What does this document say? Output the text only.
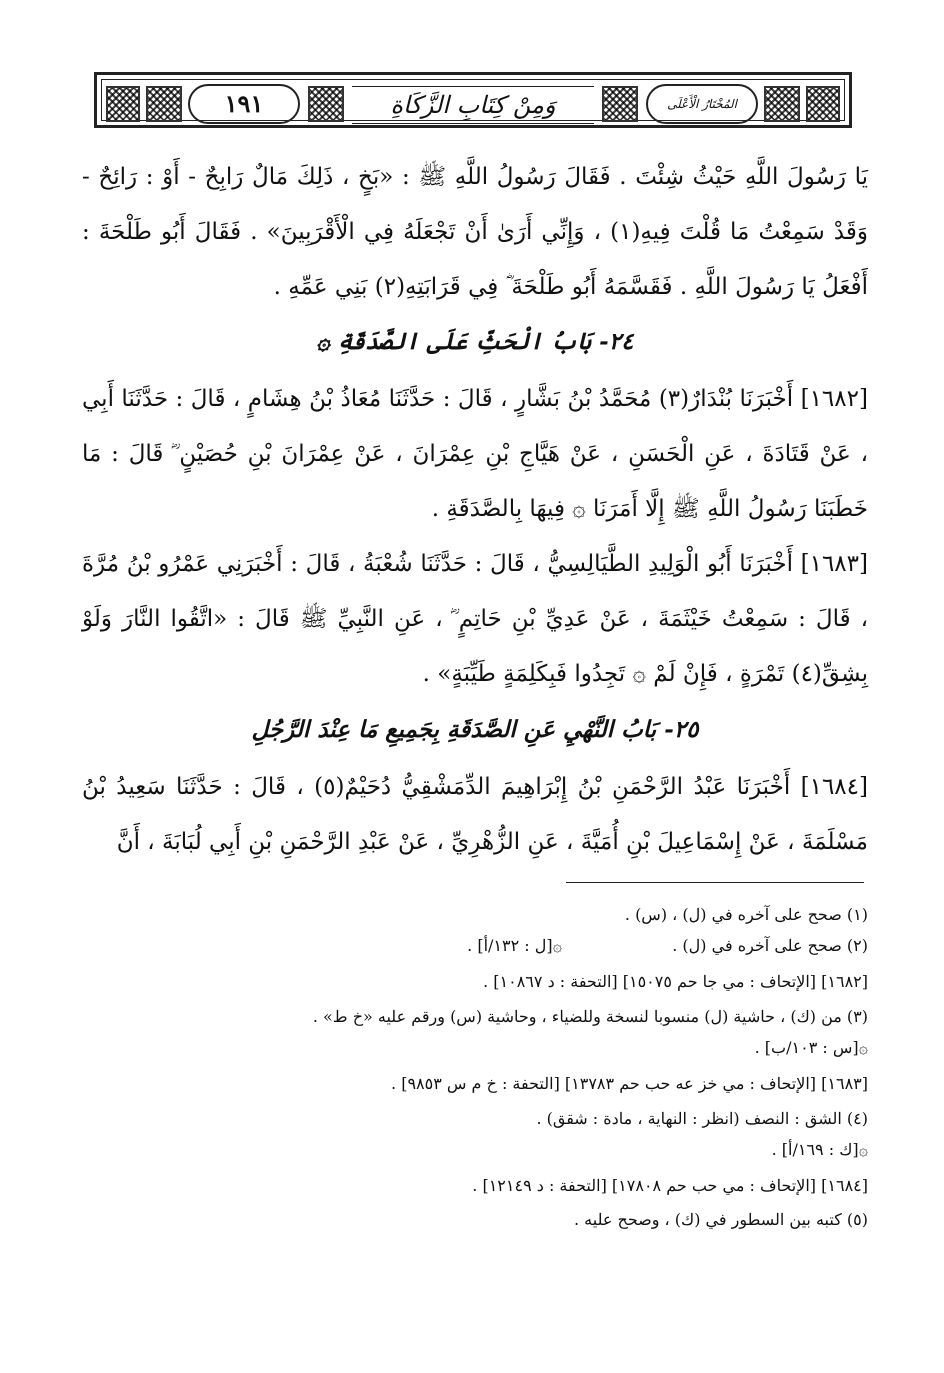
١٩١	وَمِنْ كِتَابِ الزَّكَاةِ	المُخْتَارُ الْأَعْلَى

يَا رَسُولَ اللَّهِ حَيْثُ شِئْتَ . فَقَالَ رَسُولُ اللَّهِ ﷺ : «بَخٍ ، ذَلِكَ مَالٌ رَابِحٌ - أَوْ : رَائِحٌ - وَقَدْ سَمِعْتُ مَا قُلْتَ فِيهِ(١) ، وَإِنِّي أَرَىٰ أَنْ تَجْعَلَهُ فِي الْأَقْرَبِينَ» . فَقَالَ أَبُو طَلْحَةَ : أَفْعَلُ يَا رَسُولَ اللَّهِ . فَقَسَّمَهُ أَبُو طَلْحَةَ ؓ فِي قَرَابَتِهِ(٢) بَنِي عَمِّهِ .

٢٤- بَابُ الْحَثِّ عَلَى الصَّدَقَةِ ۞

[١٦٨٢] أَخْبَرَنَا بُنْدَارٌ(٣) مُحَمَّدُ بْنُ بَشَّارٍ ، قَالَ : حَدَّثَنَا مُعَاذُ بْنُ هِشَامٍ ، قَالَ : حَدَّثَنَا أَبِي ، عَنْ قَتَادَةَ ، عَنِ الْحَسَنِ ، عَنْ هَيَّاجِ بْنِ عِمْرَانَ ، عَنْ عِمْرَانَ بْنِ حُصَيْنٍ ؓ قَالَ : مَا خَطَبَنَا رَسُولُ اللَّهِ ﷺ إِلَّا أَمَرَنَا ۞ فِيهَا بِالصَّدَقَةِ .

[١٦٨٣] أَخْبَرَنَا أَبُو الْوَلِيدِ الطَّيَالِسِيُّ ، قَالَ : حَدَّثَنَا شُعْبَةُ ، قَالَ : أَخْبَرَنِي عَمْرُو بْنُ مُرَّةَ ، قَالَ : سَمِعْتُ خَيْثَمَةَ ، عَنْ عَدِيِّ بْنِ حَاتِمٍ ؓ ، عَنِ النَّبِيِّ ﷺ قَالَ : «اتَّقُوا النَّارَ وَلَوْ بِشِقِّ(٤) تَمْرَةٍ ، فَإِنْ لَمْ ۞ تَجِدُوا فَبِكَلِمَةٍ طَيِّبَةٍ» .

٢٥- بَابُ النَّهْيِ عَنِ الصَّدَقَةِ بِجَمِيعِ مَا عِنْدَ الرَّجُلِ

[١٦٨٤] أَخْبَرَنَا عَبْدُ الرَّحْمَنِ بْنُ إِبْرَاهِيمَ الدِّمَشْقِيُّ دُحَيْمٌ(٥) ، قَالَ : حَدَّثَنَا سَعِيدُ بْنُ مَسْلَمَةَ ، عَنْ إِسْمَاعِيلَ بْنِ أُمَيَّةَ ، عَنِ الزُّهْرِيِّ ، عَنْ عَبْدِ الرَّحْمَنِ بْنِ أَبِي لُبَابَةَ ، أَنَّ

(١) صحح على آخره في (ل) ، (س) .
(٢) صحح على آخره في (ل) .
۞[ل : ١٣٢/أ] .
[١٦٨٢] [الإتحاف : مي جا حم ١٥٠٧٥] [التحفة : د ١٠٨٦٧] .
(٣) من (ك) ، حاشية (ل) منسوبا لنسخة وللضياء ، وحاشية (س) ورقم عليه «خ ط» .
۞[س : ١٠٣/ب] .
[١٦٨٣] [الإتحاف : مي خز عه حب حم ١٣٧٨٣] [التحفة : خ م س ٩٨٥٣] .
(٤) الشق : النصف (انظر : النهاية ، مادة : شقق) .
۞[ك : ١٦٩/أ] .
[١٦٨٤] [الإتحاف : مي حب حم ١٧٨٠٨] [التحفة : د ١٢١٤٩] .
(٥) كتبه بين السطور في (ك) ، وصحح عليه .
